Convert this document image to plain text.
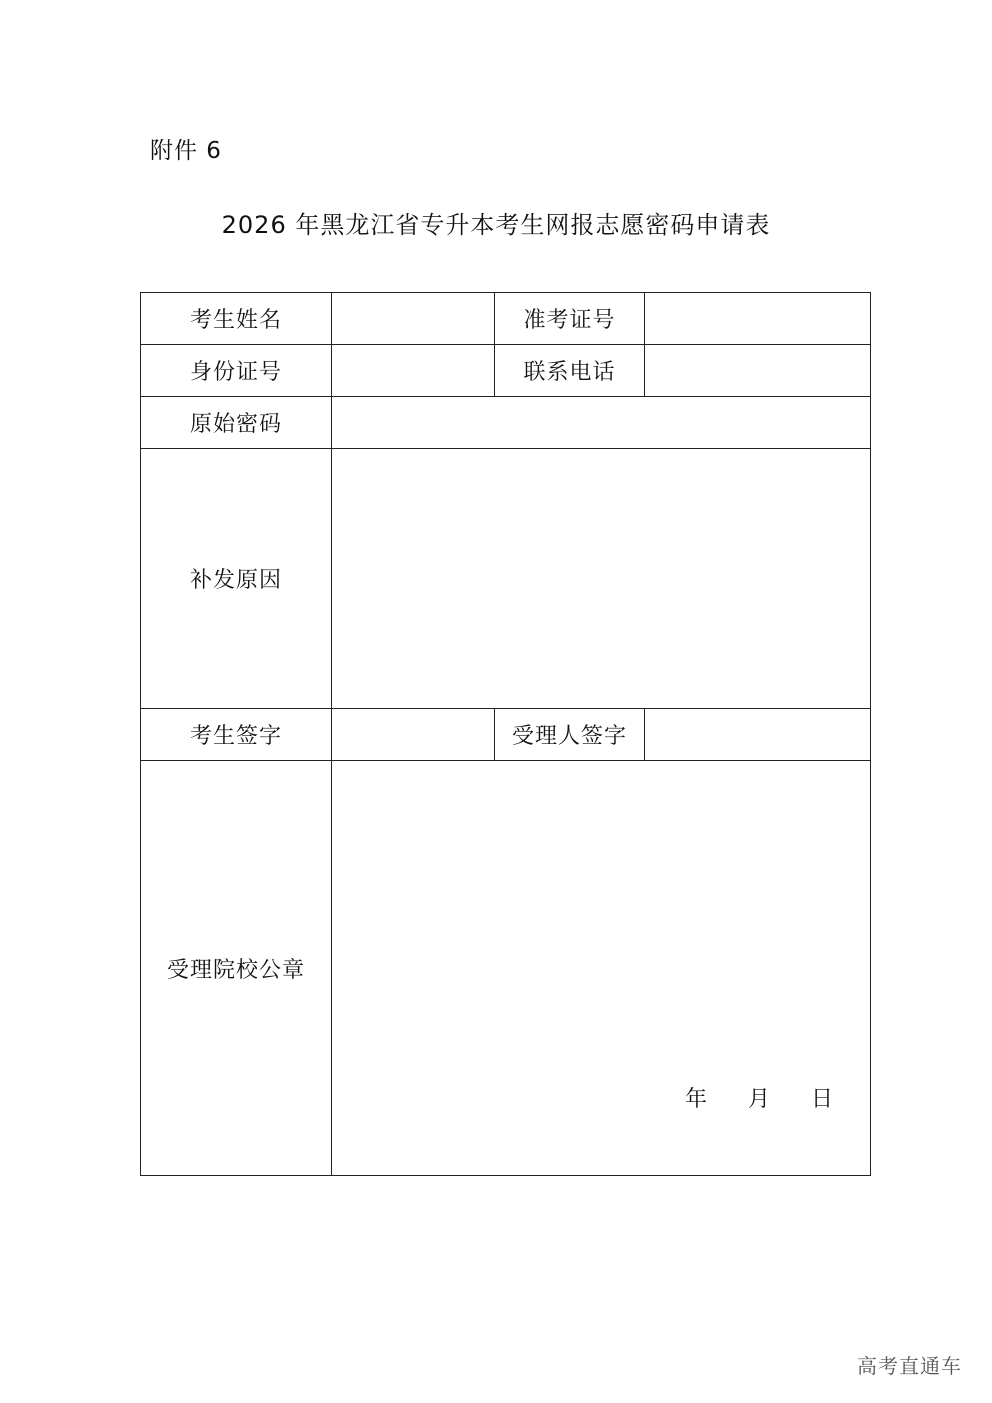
附件 6
2026 年黑龙江省专升本考生网报志愿密码申请表
考生姓名		准考证号	
身份证号		联系电话	
原始密码			
补发原因			
考生签字		受理人签字	
受理院校公章	年 月 日		
高考直通车
